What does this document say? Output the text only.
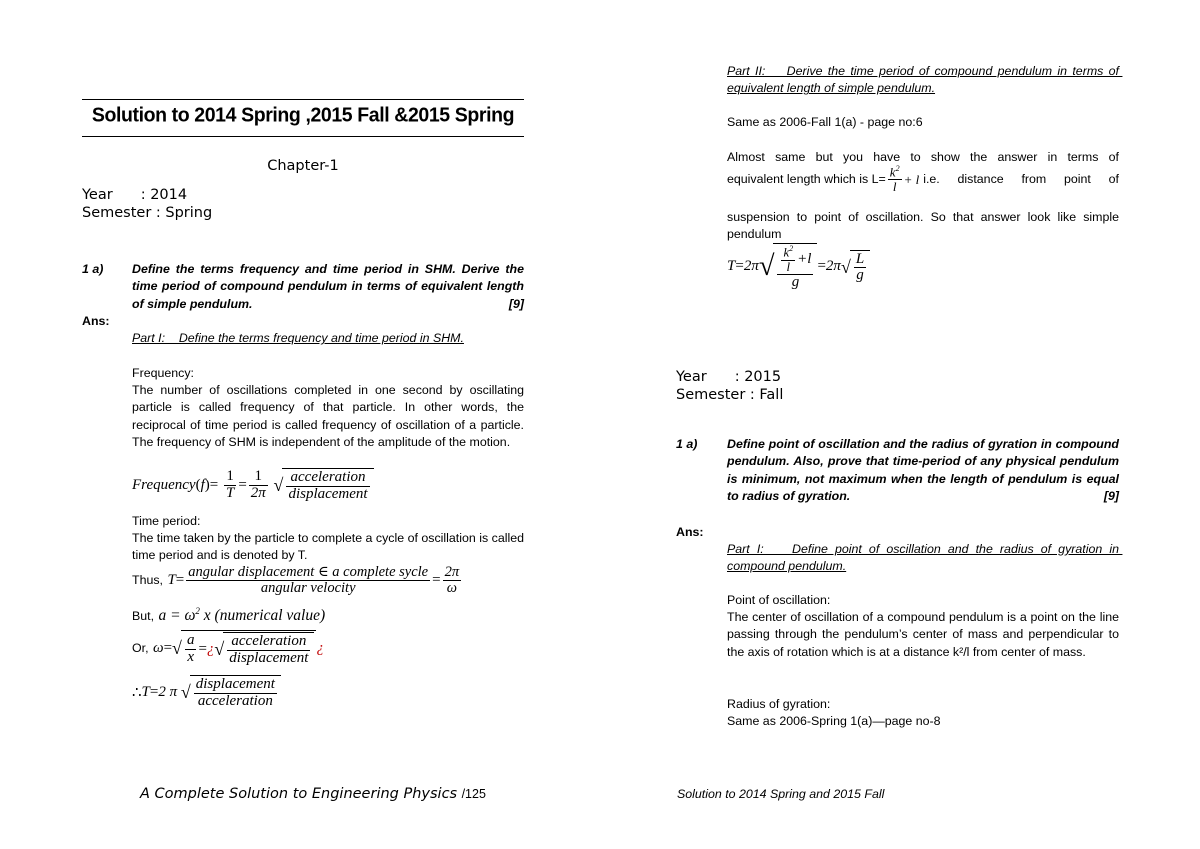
Solution to 2014 Spring ,2015 Fall &2015 Spring
Chapter-1
Year : 2014
Semester : Spring
1 a) Define the terms frequency and time period in SHM. Derive the time period of compound pendulum in terms of equivalent length of simple pendulum.	[9]
Ans:
Part I:    Define the terms frequency and time period in SHM.
Frequency:
The number of oscillations completed in one second by oscillating particle is called frequency of that particle. In other words, the reciprocal of time period is called frequency of oscillation of a particle. The frequency of SHM is independent of the amplitude of the motion.
Frequency(f)= $\frac{1}{T} = \frac{1}{2\pi}$
√ $\frac{\text{acceleration}}{\text{displacement}}$
Time period:
The time taken by the particle to complete a cycle of oscillation is called time period and is denoted by T.
Thus, $T= \frac{\text{angular displacement ∈ a complete sycle}}{\text{angular velocity}} = \frac{2\pi}{\omega}$
But, $a = \omega^2$ x (numerical value)
Or, ω= √ $\frac{a}{x}$ = ¿ √ $\frac{\text{acceleration}}{\text{displacement}}$ ¿
∴T=2 π √ $\frac{\text{displacement}}{\text{acceleration}}$
A Complete Solution to Engineering Physics /125
Part II:    Derive the time period of compound pendulum in terms of equivalent length of simple pendulum.
Same as 2006-Fall 1(a) - page no:6
Almost same but you have to show the answer in terms of
equivalent length which is $L= \frac{k^2}{l} + l$ i.e. distance from point of
suspension to point of oscillation. So that answer look like simple
pendulum
T = 2π √ $\frac{\frac{k^2}{l} +l}{g} = 2\pi$ √ $\frac{L}{g}$
Year : 2015
Semester : Fall
1 a) Define point of oscillation and the radius of gyration in compound pendulum. Also, prove that time-period of any physical pendulum is minimum, not maximum when the length of pendulum is equal to radius of gyration.	[9]
Ans:
Part I:    Define point of oscillation and the radius of gyration in compound pendulum.
Point of oscillation:
The center of oscillation of a compound pendulum is a point on the line passing through the pendulum’s center of mass and perpendicular to the axis of rotation which is at a distance k²/l from center of mass.
Radius of gyration:
Same as 2006-Spring 1(a)—page no-8
Solution to 2014 Spring and 2015 Fall
